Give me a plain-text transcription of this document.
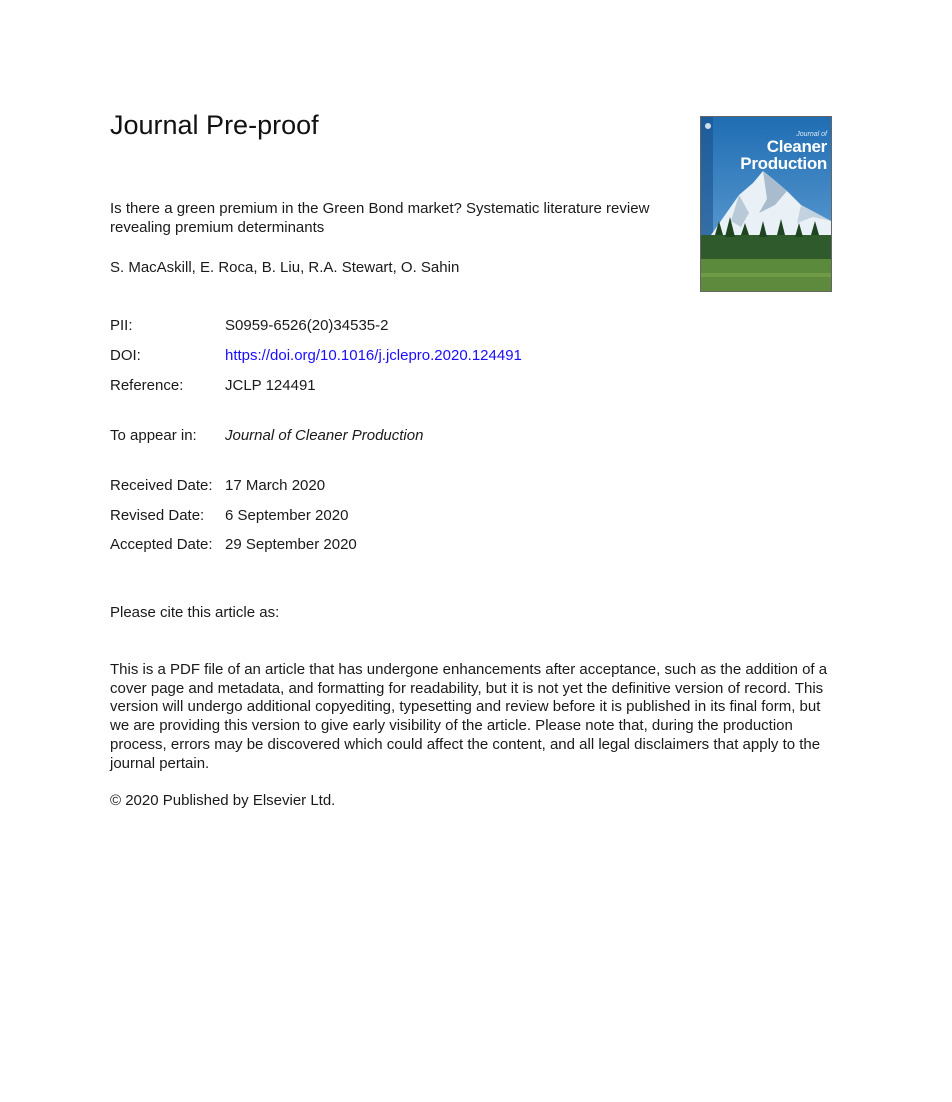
Journal Pre-proof	Journal of
Cleaner
Production
Is there a green premium in the Green Bond market? Systematic literature review revealing premium determinants
S. MacAskill, E. Roca, B. Liu, R.A. Stewart, O. Sahin
PII:	S0959-6526(20)34535-2
DOI:	https://doi.org/10.1016/j.jclepro.2020.124491
Reference:	JCLP 124491
To appear in: Journal of Cleaner Production
Received Date: 17 March 2020
Revised Date: 6 September 2020
Accepted Date: 29 September 2020
Please cite this article as:
This is a PDF file of an article that has undergone enhancements after acceptance, such as the addition of a cover page and metadata, and formatting for readability, but it is not yet the definitive version of record. This version will undergo additional copyediting, typesetting and review before it is published in its final form, but we are providing this version to give early visibility of the article. Please note that, during the production process, errors may be discovered which could affect the content, and all legal disclaimers that apply to the journal pertain.
© 2020 Published by Elsevier Ltd.
